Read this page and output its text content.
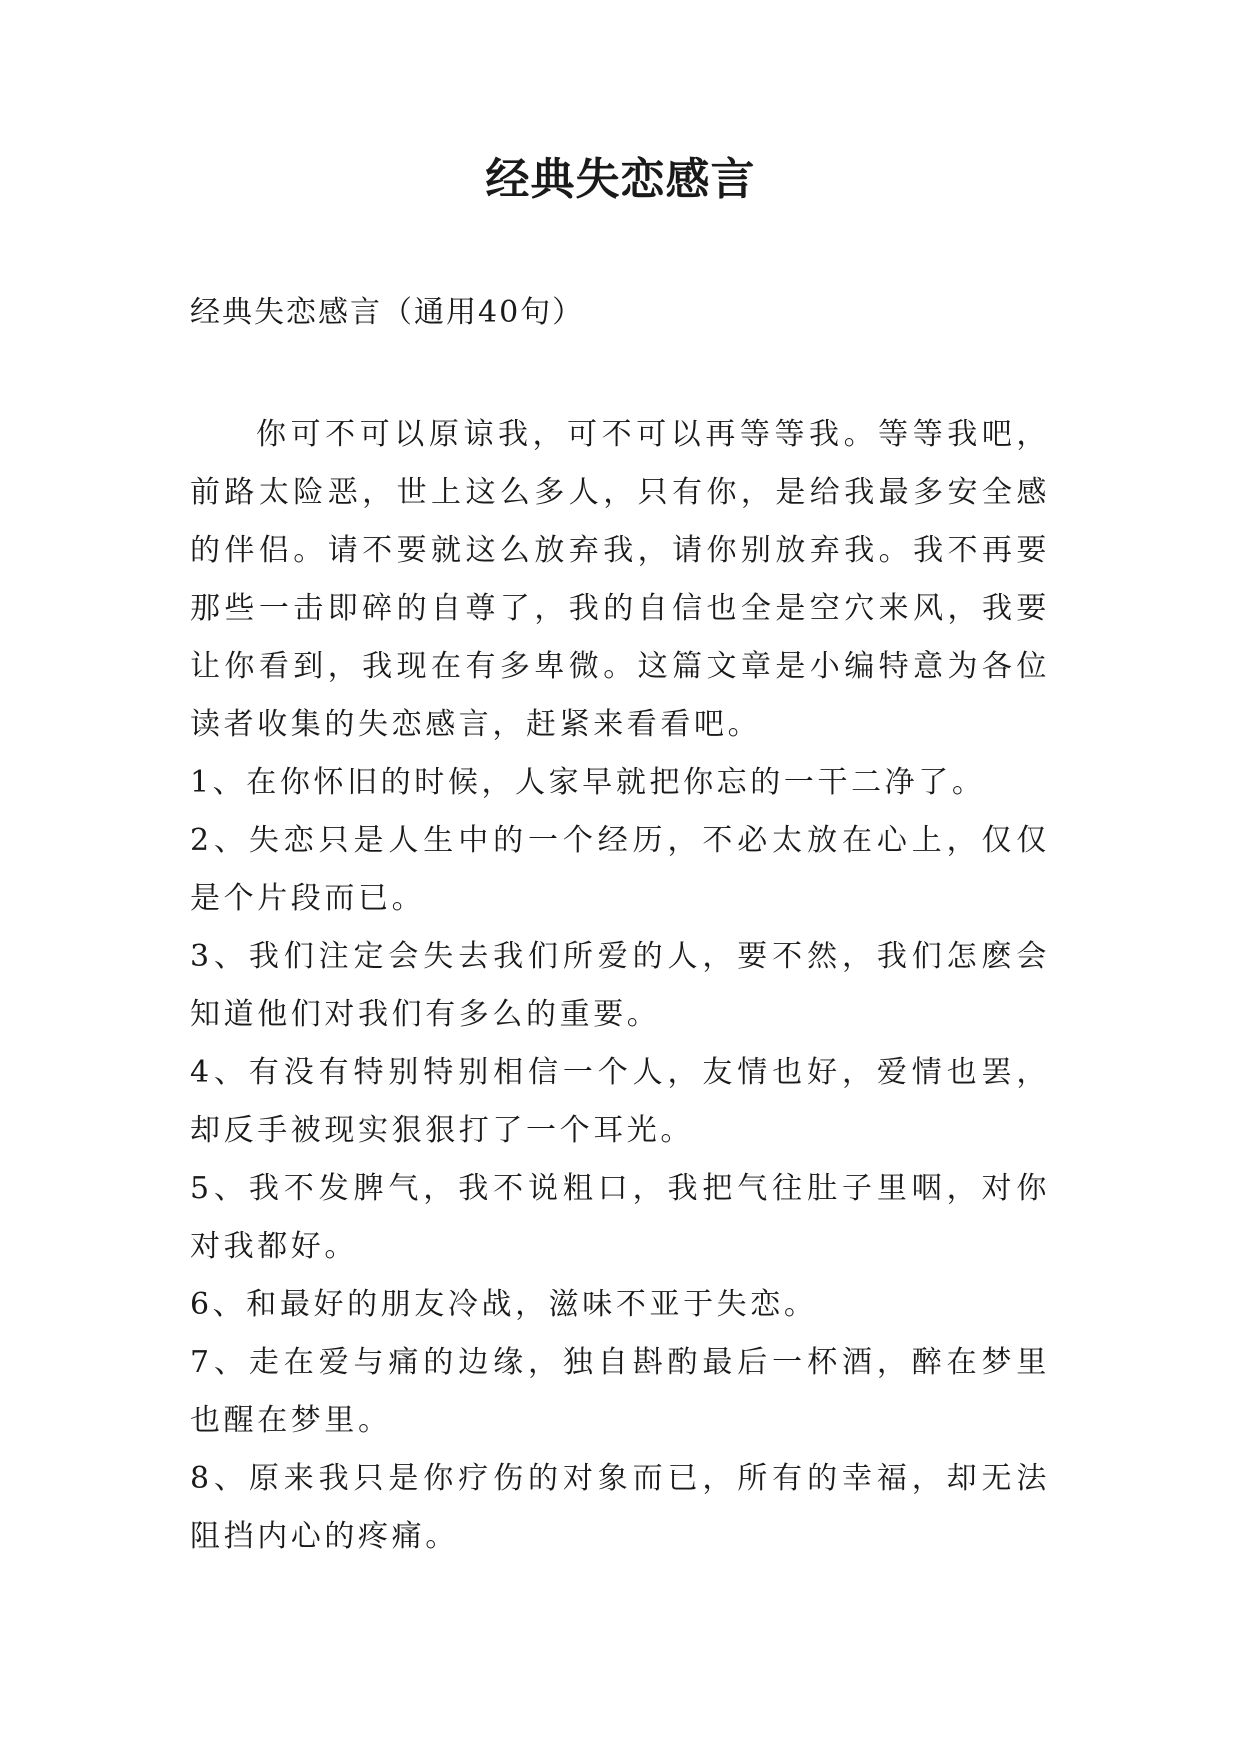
经典失恋感言
经典失恋感言（通用40句）

你可不可以原谅我，可不可以再等等我。等等我吧，前路太险恶，世上这么多人，只有你，是给我最多安全感的伴侣。请不要就这么放弃我，请你别放弃我。我不再要那些一击即碎的自尊了，我的自信也全是空穴来风，我要让你看到，我现在有多卑微。这篇文章是小编特意为各位读者收集的失恋感言，赶紧来看看吧。

1、在你怀旧的时候，人家早就把你忘的一干二净了。

2、失恋只是人生中的一个经历，不必太放在心上，仅仅是个片段而已。

3、我们注定会失去我们所爱的人，要不然，我们怎麽会知道他们对我们有多么的重要。

4、有没有特别特别相信一个人，友情也好，爱情也罢，却反手被现实狠狠打了一个耳光。

5、我不发脾气，我不说粗口，我把气往肚子里咽，对你对我都好。

6、和最好的朋友冷战，滋味不亚于失恋。

7、走在爱与痛的边缘，独自斟酌最后一杯酒，醉在梦里也醒在梦里。

8、原来我只是你疗伤的对象而已，所有的幸福，却无法阻挡内心的疼痛。
